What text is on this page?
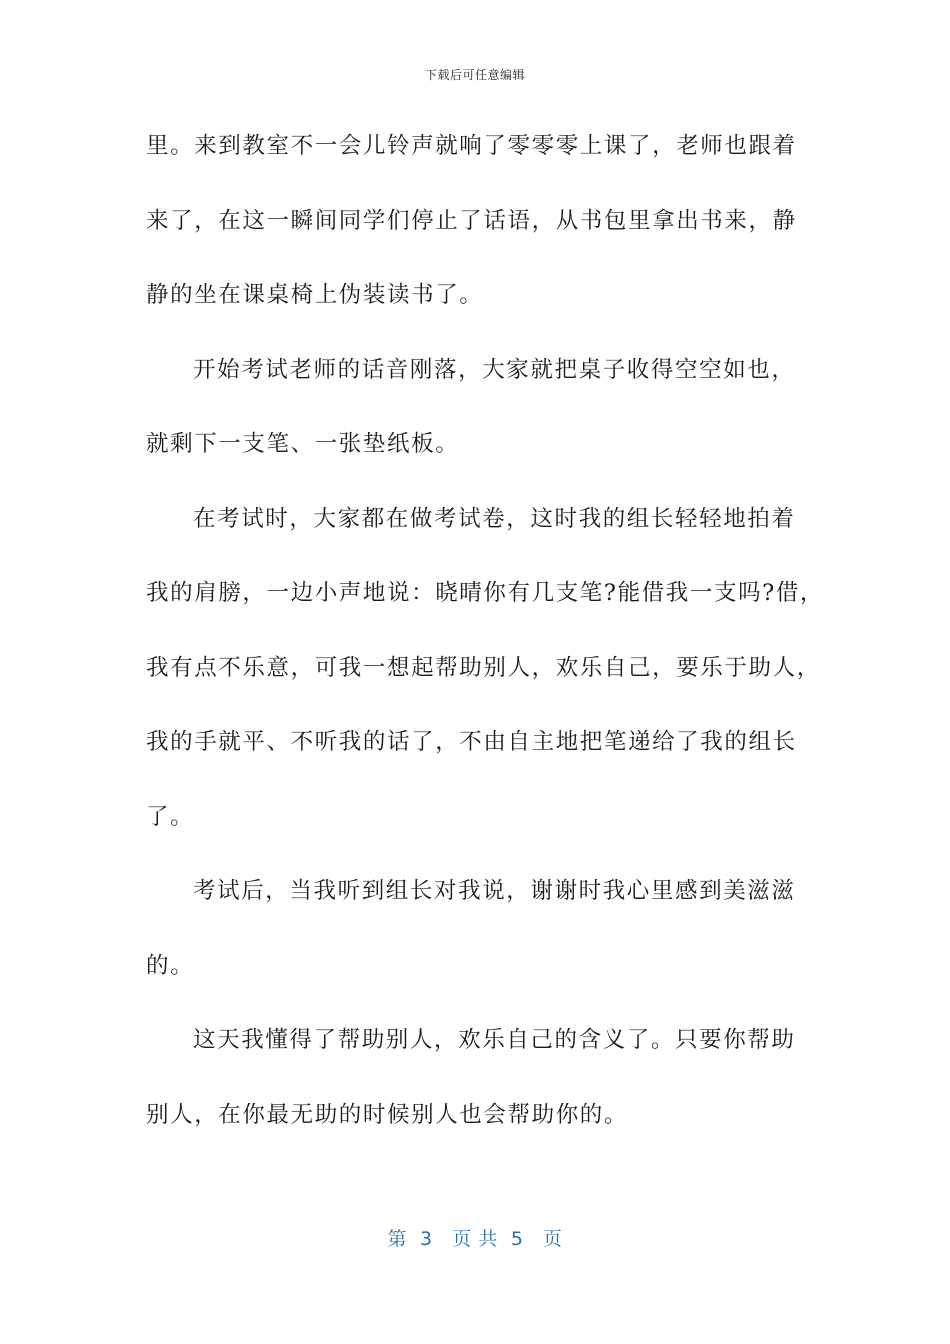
下载后可任意编辑
里。来到教室不一会儿铃声就响了零零零上课了，老师也跟着
来了，在这一瞬间同学们停止了话语，从书包里拿出书来，静
静的坐在课桌椅上伪装读书了。
开始考试老师的话音刚落，大家就把桌子收得空空如也，
就剩下一支笔、一张垫纸板。
在考试时，大家都在做考试卷，这时我的组长轻轻地拍着
我的肩膀，一边小声地说：晓晴你有几支笔?能借我一支吗?借，
我有点不乐意，可我一想起帮助别人，欢乐自己，要乐于助人，
我的手就平、不听我的话了，不由自主地把笔递给了我的组长
了。
考试后，当我听到组长对我说，谢谢时我心里感到美滋滋
的。
这天我懂得了帮助别人，欢乐自己的含义了。只要你帮助
别人，在你最无助的时候别人也会帮助你的。
第  3   页 共  5   页
